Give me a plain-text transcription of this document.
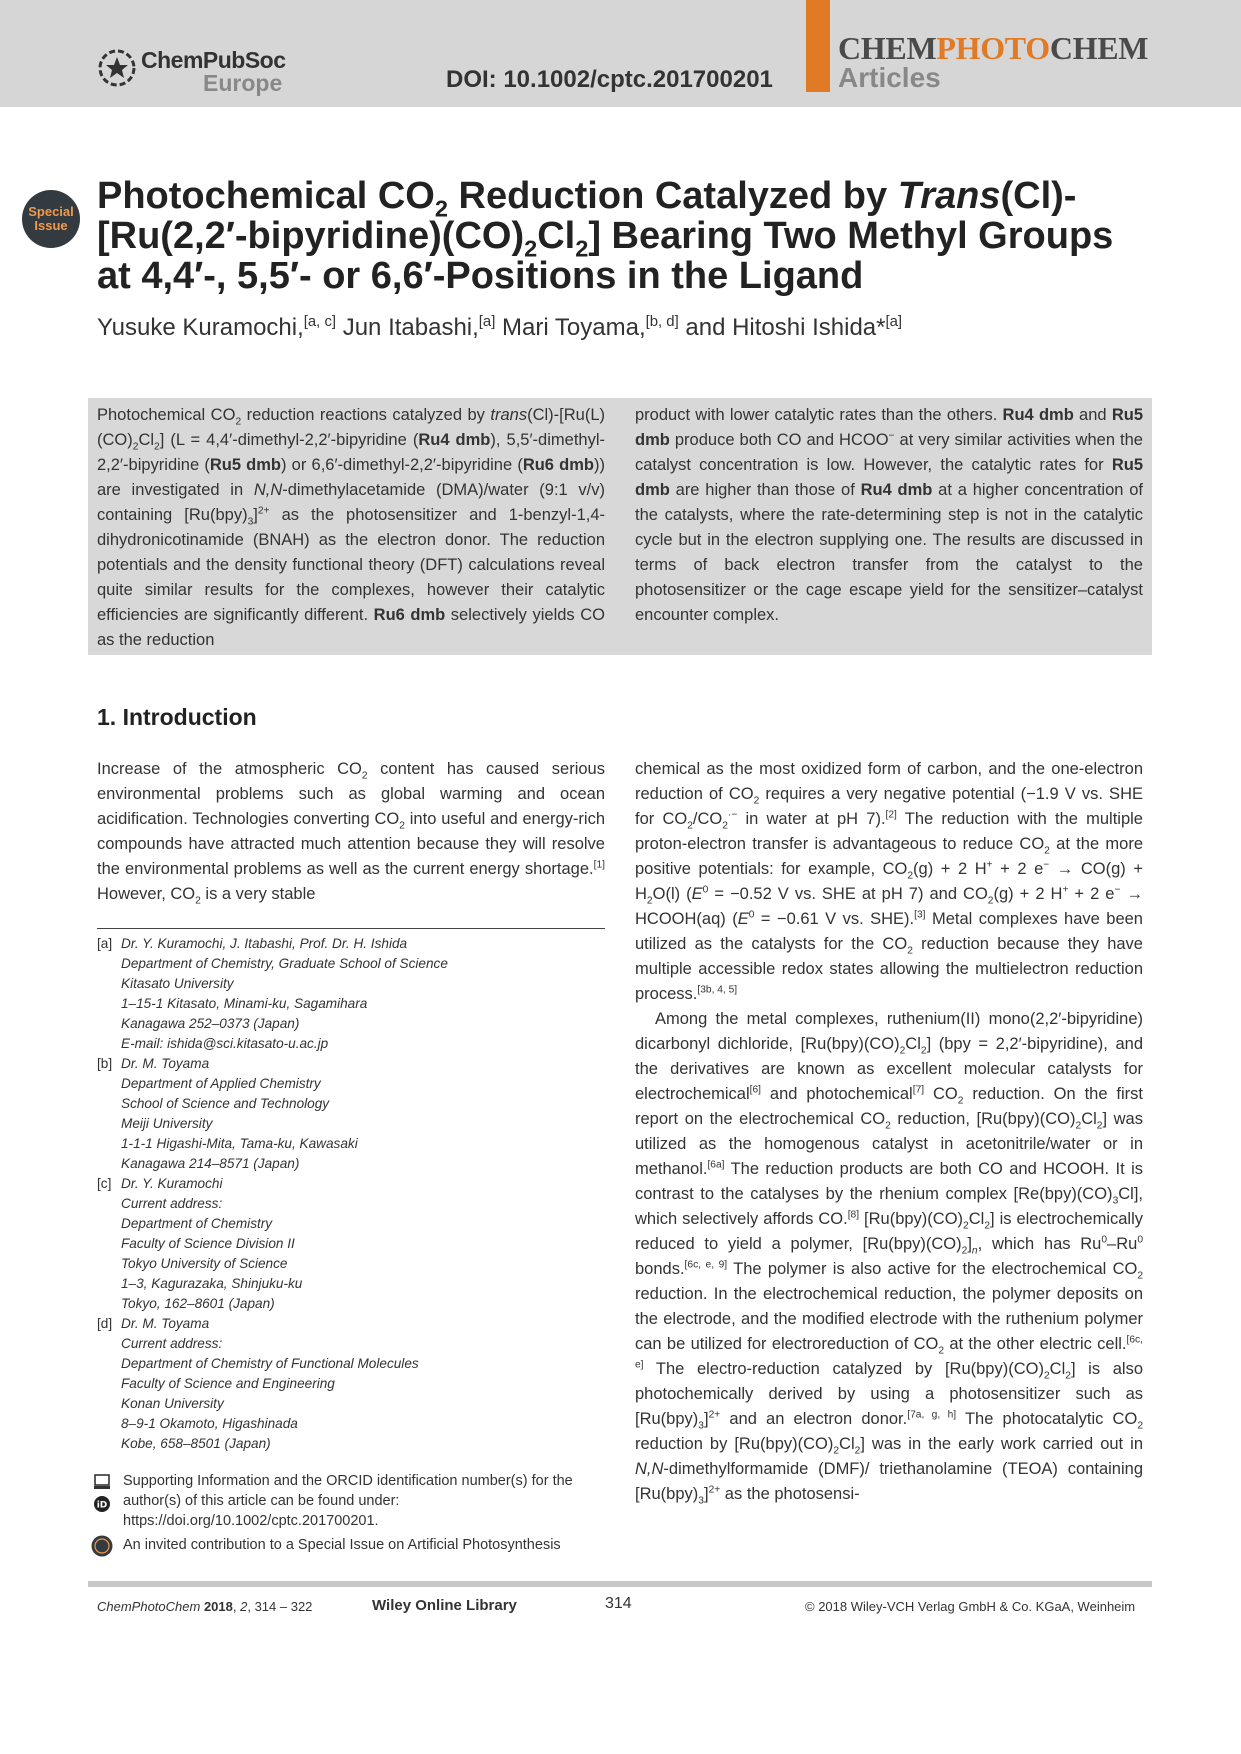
ChemPubSoc
Europe	DOI: 10.1002/cptc.201700201
CHEMPHOTOCHEM
Articles
Special
Issue
Photochemical $CO_2$ Reduction Catalyzed by $Trans(Cl)-[Ru(2,2'-bipyridine)(CO)_2Cl_2]$ Bearing Two Methyl Groups at 4,4′-, 5,5′- or 6,6′-Positions in the Ligand
Yusuke Kuramochi,[a, c] Jun Itabashi,[a] Mari Toyama,[b, d] and Hitoshi Ishida*[a]
Photochemical $CO_2$ reduction reactions catalyzed by $trans(Cl)-[Ru(L)(CO)_2Cl_2] (L$ = 4,4′-dimethyl-2,2′-bipyridine (Ru4 dmb), 5,5′-dimethyl-2,2′-bipyridine (Ru5 dmb) or 6,6′-dimethyl-2,2′-bipyridine (Ru6 dmb)) are investigated in N,N-dimethylacetamide (DMA)/water (9:1 v/v) containing $[Ru(bpy)_3]^{2+}$ as the photosensitizer and 1-benzyl-1,4-dihydronicotinamide (BNAH) as the electron donor. The reduction potentials and the density functional theory (DFT) calculations reveal quite similar results for the complexes, however their catalytic efficiencies are significantly different. Ru6 dmb selectively yields CO as the reduction
product with lower catalytic rates than the others. Ru4 dmb and Ru5 dmb produce both CO and HCOO− at very similar activities when the catalyst concentration is low. However, the catalytic rates for Ru5 dmb are higher than those of Ru4 dmb at a higher concentration of the catalysts, where the rate-determining step is not in the catalytic cycle but in the electron supplying one. The results are discussed in terms of back electron transfer from the catalyst to the photosensitizer or the cage escape yield for the sensitizer–catalyst encounter complex.
1. Introduction
Increase of the atmospheric $CO_2$ content has caused serious environmental problems such as global warming and ocean acidification. Technologies converting $CO_2$ into useful and energy-rich compounds have attracted much attention because they will resolve the environmental problems as well as the current energy shortage.[1] However, $CO_2$ is a very stable

chemical as the most oxidized form of carbon, and the one-electron reduction of $CO_2$ requires a very negative potential (−1.9 V vs. SHE for $CO_2/CO_2^{\cdot-}$ in water at pH 7).[2] The reduction with the multiple proton-electron transfer is advantageous to reduce $CO_2$ at the more positive potentials: for example, $CO_2(g) + 2$ H+ + 2 $e^- \to CO(g) + H_2O(l) (E^0 = -0.52$ V vs. SHE at pH 7) and $CO_2(g) + 2$ H+ + 2 e− → HCOOH(aq) ($E^0 = -0.61$ V vs. SHE).[3] Metal complexes have been utilized as the catalysts for the $CO_2$ reduction because they have multiple accessible redox states allowing the multielectron reduction process.[3b, 4, 5]

Among the metal complexes, ruthenium(II) mono(2,2′-bipyridine) dicarbonyl dichloride, $[Ru(bpy)(CO)_2Cl_2] (bpy$ = 2,2′-bipyridine), and the derivatives are known as excellent molecular catalysts for electrochemical[6] and photochemical[7] $CO_2$ reduction. On the first report on the electrochemical $CO_2$ reduction, $[Ru(bpy)(CO)_2Cl_2]$ was utilized as the homogenous catalyst in acetonitrile/water or in methanol.[6a] The reduction products are both CO and HCOOH. It is contrast to the catalyses by the rhenium complex $[Re(bpy)(CO)_3Cl]$, which selectively affords CO.[8] $[Ru(bpy)(CO)_2Cl_2]$ is electrochemically reduced to yield a polymer, $[Ru(bpy)(CO)_2]_n$, which has Ru$^0$–Ru$^0$ bonds.[6c, e, 9] The polymer is also active for the electrochemical $CO_2$ reduction. In the electrochemical reduction, the polymer deposits on the electrode, and the modified electrode with the ruthenium polymer can be utilized for electroreduction of $CO_2$ at the other electric cell.[6c, e] The electro-reduction catalyzed by $[Ru(bpy)(CO)_2Cl_2]$ is also photochemically derived by using a photosensitizer such as $[Ru(bpy)_3]^{2+}$ and an electron donor.[7a, g, h] The photocatalytic $CO_2$ reduction by $[Ru(bpy)(CO)_2Cl_2]$ was in the early work carried out in N,N-dimethylformamide (DMF)/ triethanolamine (TEOA) containing $[Ru(bpy)_3]^{2+}$ as the photosensi-

[a] Dr. Y. Kuramochi, J. Itabashi, Prof. Dr. H. Ishida
Department of Chemistry, Graduate School of Science
Kitasato University
1–15-1 Kitasato, Minami-ku, Sagamihara
Kanagawa 252–0373 (Japan)
E-mail: ishida@sci.kitasato-u.ac.jp
[b] Dr. M. Toyama
Department of Applied Chemistry
School of Science and Technology
Meiji University
1-1-1 Higashi-Mita, Tama-ku, Kawasaki
Kanagawa 214–8571 (Japan)
[c] Dr. Y. Kuramochi
Current address:
Department of Chemistry
Faculty of Science Division II
Tokyo University of Science
1–3, Kagurazaka, Shinjuku-ku
Tokyo, 162–8601 (Japan)
[d] Dr. M. Toyama
Current address:
Department of Chemistry of Functional Molecules
Faculty of Science and Engineering
Konan University
8–9-1 Okamoto, Higashinada
Kobe, 658–8501 (Japan)
iD
Supporting Information and the ORCID identification number(s) for the author(s) of this article can be found under: https://doi.org/10.1002/cptc.201700201.
An invited contribution to a Special Issue on Artificial Photosynthesis
ChemPhotoChem 2018, 2, 314 – 322	Wiley Online Library	314	© 2018 Wiley-VCH Verlag GmbH & Co. KGaA, Weinheim
